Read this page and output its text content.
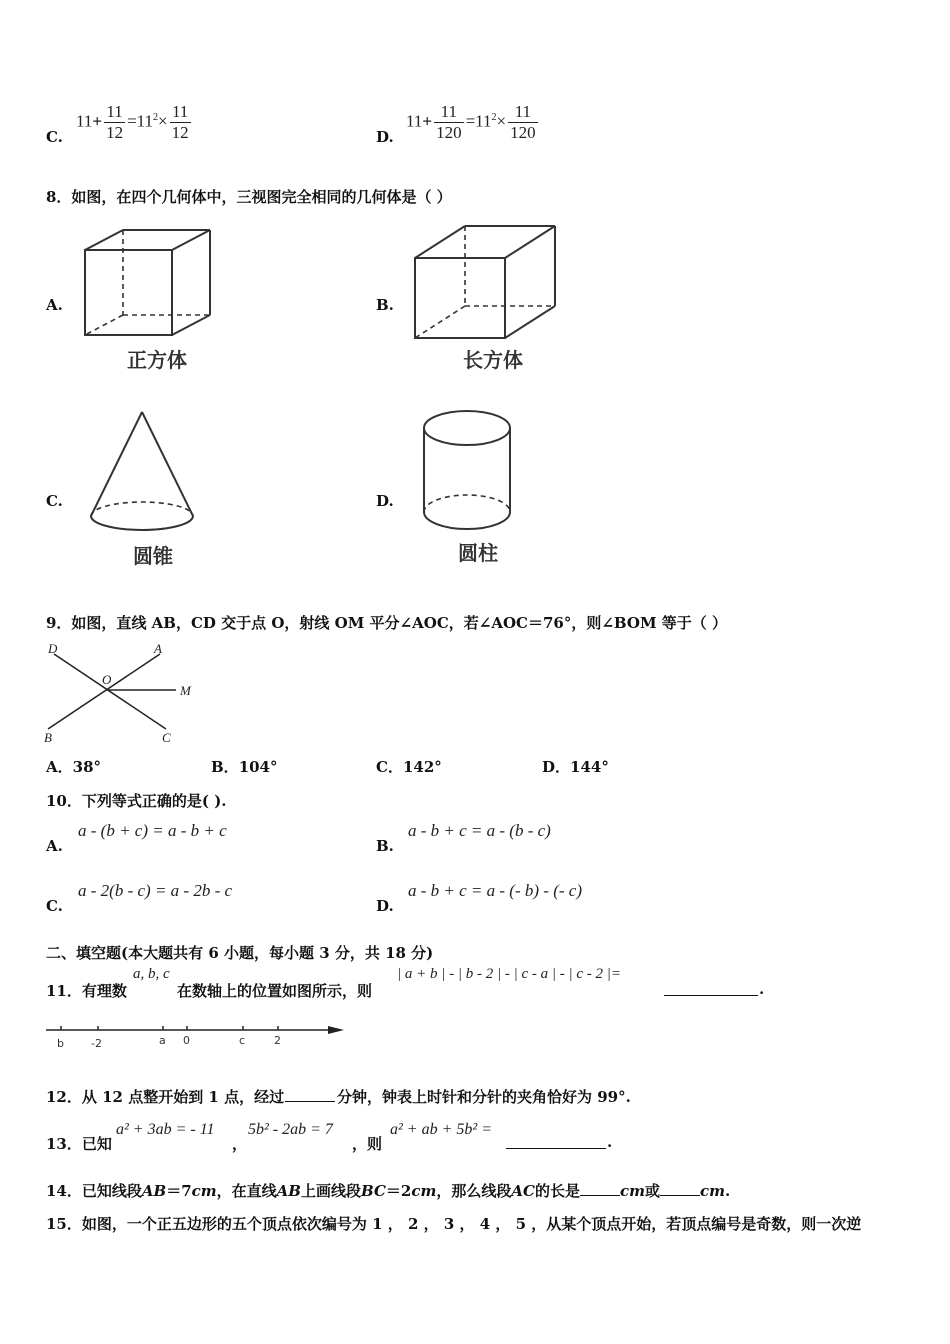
C.
$11+ \frac{11}{12} =11^2\times \frac{11}{12}$	D.
$11+ \frac{11}{120} =11^2\times \frac{11}{120}$
8．如图，在四个几何体中，三视图完全相同的几何体是（ ）
A.
正方体
B.
长方体
C.
圆锥
D.
圆柱
9．如图，直线 AB，CD 交于点 O，射线 OM 平分∠AOC，若∠AOC＝76°，则∠BOM 等于（ ）
D	A
O
M
B	C
A．38°	B．104°	C．142°	D．144°
10．下列等式正确的是( ).
A.
a - (b + c) = a - b + c
B.
a - b + c = a - (b - c)
C.
a - 2(b - c) = a - 2b - c
D.
a - b + c = a - (- b) - (- c)
二、填空题(本大题共有 6 小题，每小题 3 分，共 18 分)
11．有理数
a, b, c
在数轴上的位置如图所示，则
| a + b | - | b - 2 | - | c - a | - | c - 2 |=
.
b -2	a 0	c	2
12．从 12 点整开始到 1 点，经过	分钟，钟表上时针和分针的夹角恰好为 99°.
13．已知
a² + 3ab = - 11
，
5b² - 2ab = 7
，则
a² + ab + 5b² =
.
14．已知线段AB＝7cm，在直线AB上画线段BC＝2cm，那么线段AC的长是	cm或	cm.
15．如图，一个正五边形的五个顶点依次编号为 1 ， 2 ， 3 ， 4 ， 5 ，从某个顶点开始，若顶点编号是奇数，则一次逆
